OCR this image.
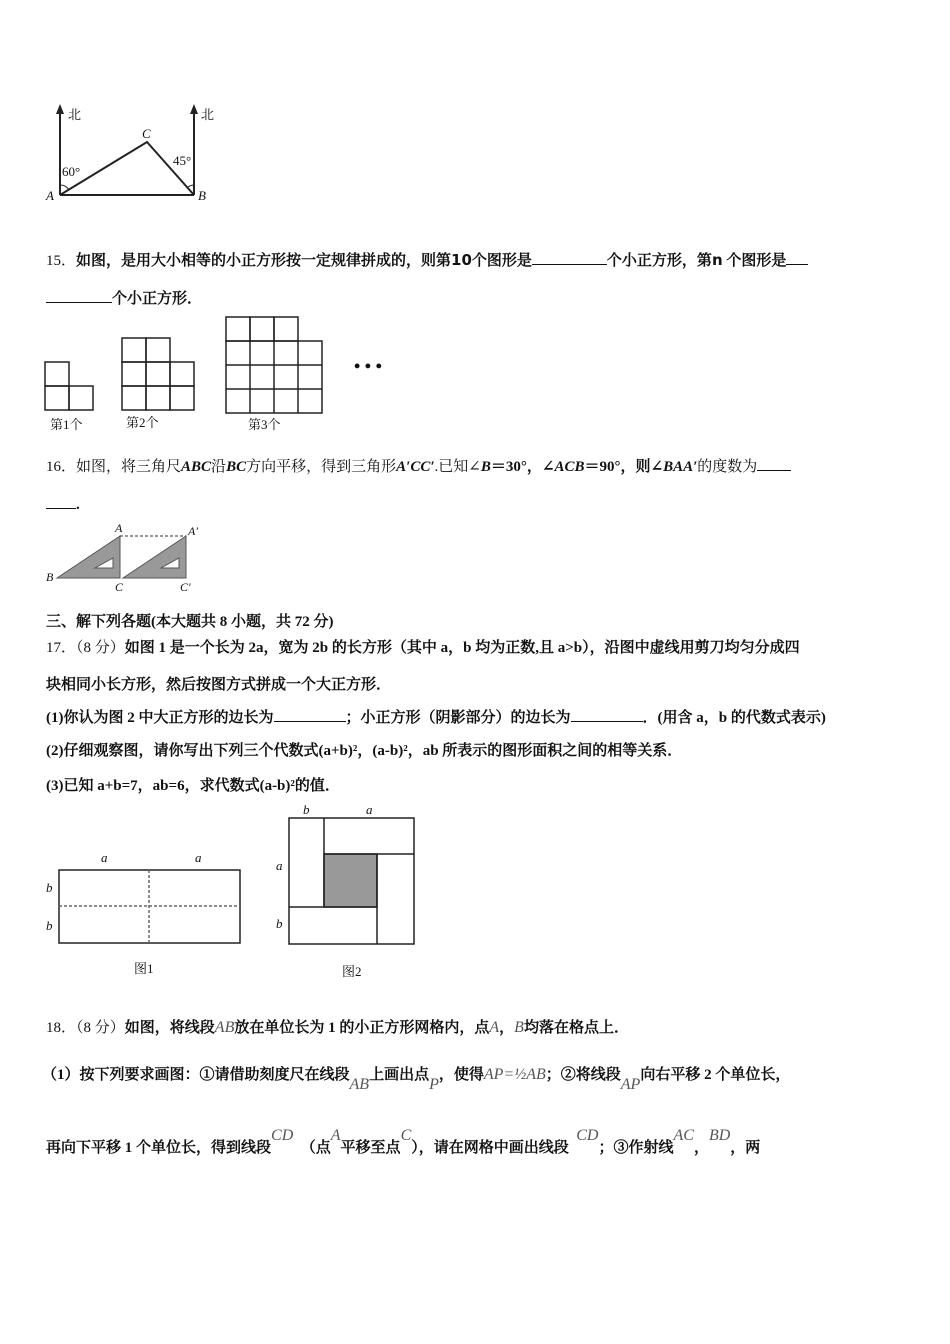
北	北
60°
45°
A	B
C
15．如图，是用大小相等的小正方形按一定规律拼成的，则第10个图形是	个小正方形，第n 个图形是
个小正方形．
• • •
第1个	第2个	第3个
16．如图，将三角尺ABC沿BC方向平移，得到三角形A′CC′.已知∠B＝30°，∠ACB＝90°，则∠BAA′的度数为
.
A	A′
B
C	C′
三、解下列各题(本大题共 8 小题，共 72 分)
17．（8 分）如图 1 是一个长为 2a，宽为 2b 的长方形（其中 a，b 均为正数,且 a>b），沿图中虚线用剪刀均匀分成四
块相同小长方形，然后按图方式拼成一个大正方形．
(1)你认为图 2 中大正方形的边长为	；小正方形（阴影部分）的边长为	．(用含 a，b 的代数式表示)
(2)仔细观察图，请你写出下列三个代数式(a+b)²，(a-b)²，ab 所表示的图形面积之间的相等关系．
(3)已知 a+b=7，ab=6，求代数式(a-b)²的值．
a	a
b
b
图1
b	a
a
b
图2
18．（8 分）如图，将线段AB放在单位长为 1 的小正方形网格内，点A，B均落在格点上．
（1）按下列要求画图：①请借助刻度尺在线段AB上画出点P，使得AP=½AB；②将线段AP向右平移 2 个单位长，
再向下平移 1 个单位长，得到线段CD  （点A平移至点C），请在网格中画出线段  CD；③作射线AC，BD，两
